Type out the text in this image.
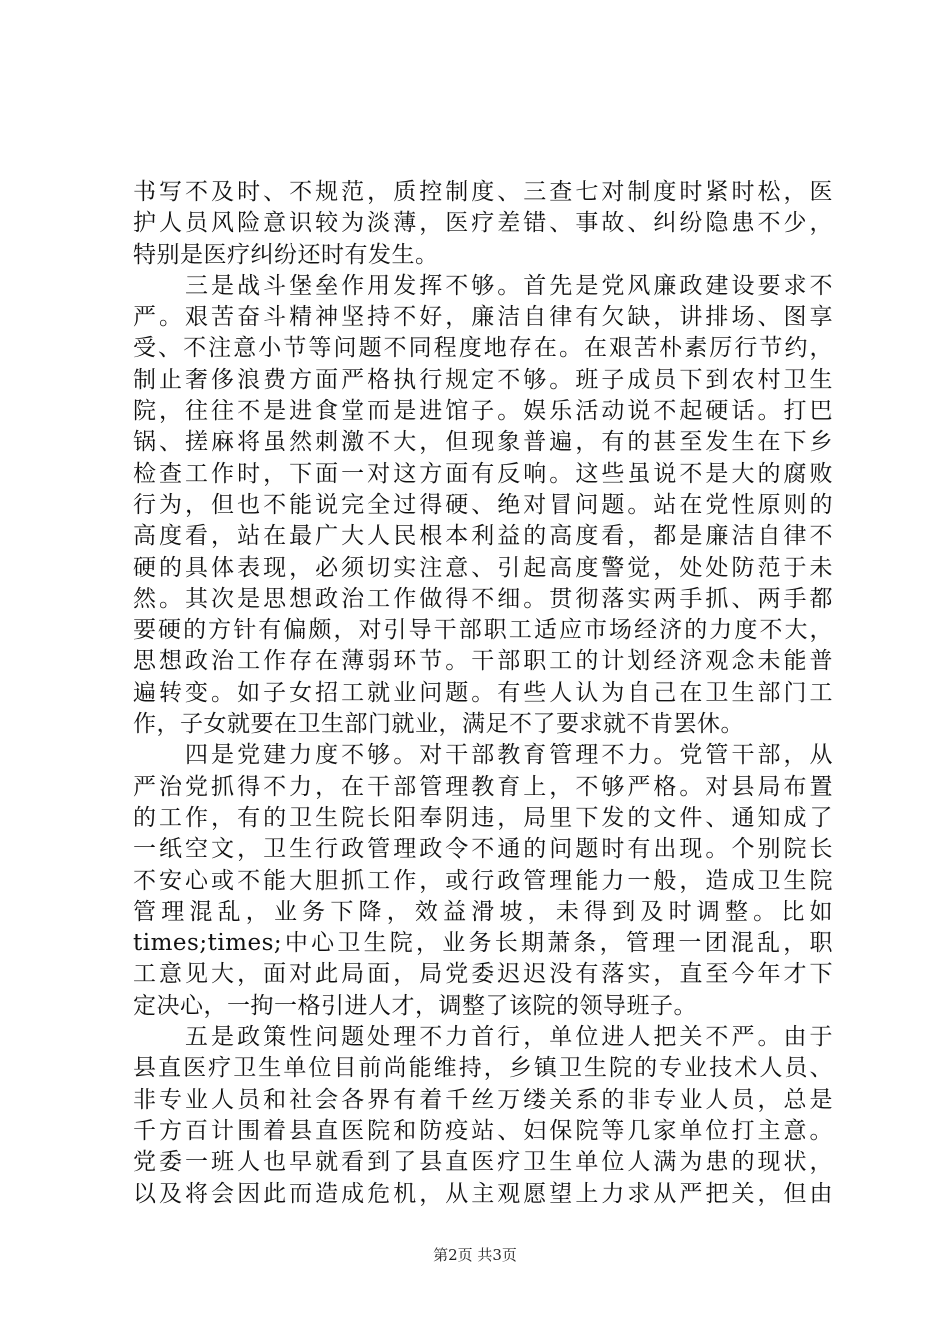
书写不及时、不规范，质控制度、三查七对制度时紧时松，医
护人员风险意识较为淡薄，医疗差错、事故、纠纷隐患不少，
特别是医疗纠纷还时有发生。
　　三是战斗堡垒作用发挥不够。首先是党风廉政建设要求不
严。艰苦奋斗精神坚持不好，廉洁自律有欠缺，讲排场、图享
受、不注意小节等问题不同程度地存在。在艰苦朴素厉行节约，
制止奢侈浪费方面严格执行规定不够。班子成员下到农村卫生
院，往往不是进食堂而是进馆子。娱乐活动说不起硬话。打巴
锅、搓麻将虽然刺激不大，但现象普遍，有的甚至发生在下乡
检查工作时，下面一对这方面有反响。这些虽说不是大的腐败
行为，但也不能说完全过得硬、绝对冒问题。站在党性原则的
高度看，站在最广大人民根本利益的高度看，都是廉洁自律不
硬的具体表现，必须切实注意、引起高度警觉，处处防范于未
然。其次是思想政治工作做得不细。贯彻落实两手抓、两手都
要硬的方针有偏颇，对引导干部职工适应市场经济的力度不大，
思想政治工作存在薄弱环节。干部职工的计划经济观念未能普
遍转变。如子女招工就业问题。有些人认为自己在卫生部门工
作，子女就要在卫生部门就业，满足不了要求就不肯罢休。
　　四是党建力度不够。对干部教育管理不力。党管干部，从
严治党抓得不力，在干部管理教育上，不够严格。对县局布置
的工作，有的卫生院长阳奉阴违，局里下发的文件、通知成了
一纸空文，卫生行政管理政令不通的问题时有出现。个别院长
不安心或不能大胆抓工作，或行政管理能力一般，造成卫生院
管理混乱，业务下降，效益滑坡，未得到及时调整。比如
times;times;中心卫生院，业务长期萧条，管理一团混乱，职
工意见大，面对此局面，局党委迟迟没有落实，直至今年才下
定决心，一拘一格引进人才，调整了该院的领导班子。
　　五是政策性问题处理不力首行，单位进人把关不严。由于
县直医疗卫生单位目前尚能维持，乡镇卫生院的专业技术人员、
非专业人员和社会各界有着千丝万缕关系的非专业人员，总是
千方百计围着县直医院和防疫站、妇保院等几家单位打主意。
党委一班人也早就看到了县直医疗卫生单位人满为患的现状，
以及将会因此而造成危机，从主观愿望上力求从严把关，但由
第2页 共3页
